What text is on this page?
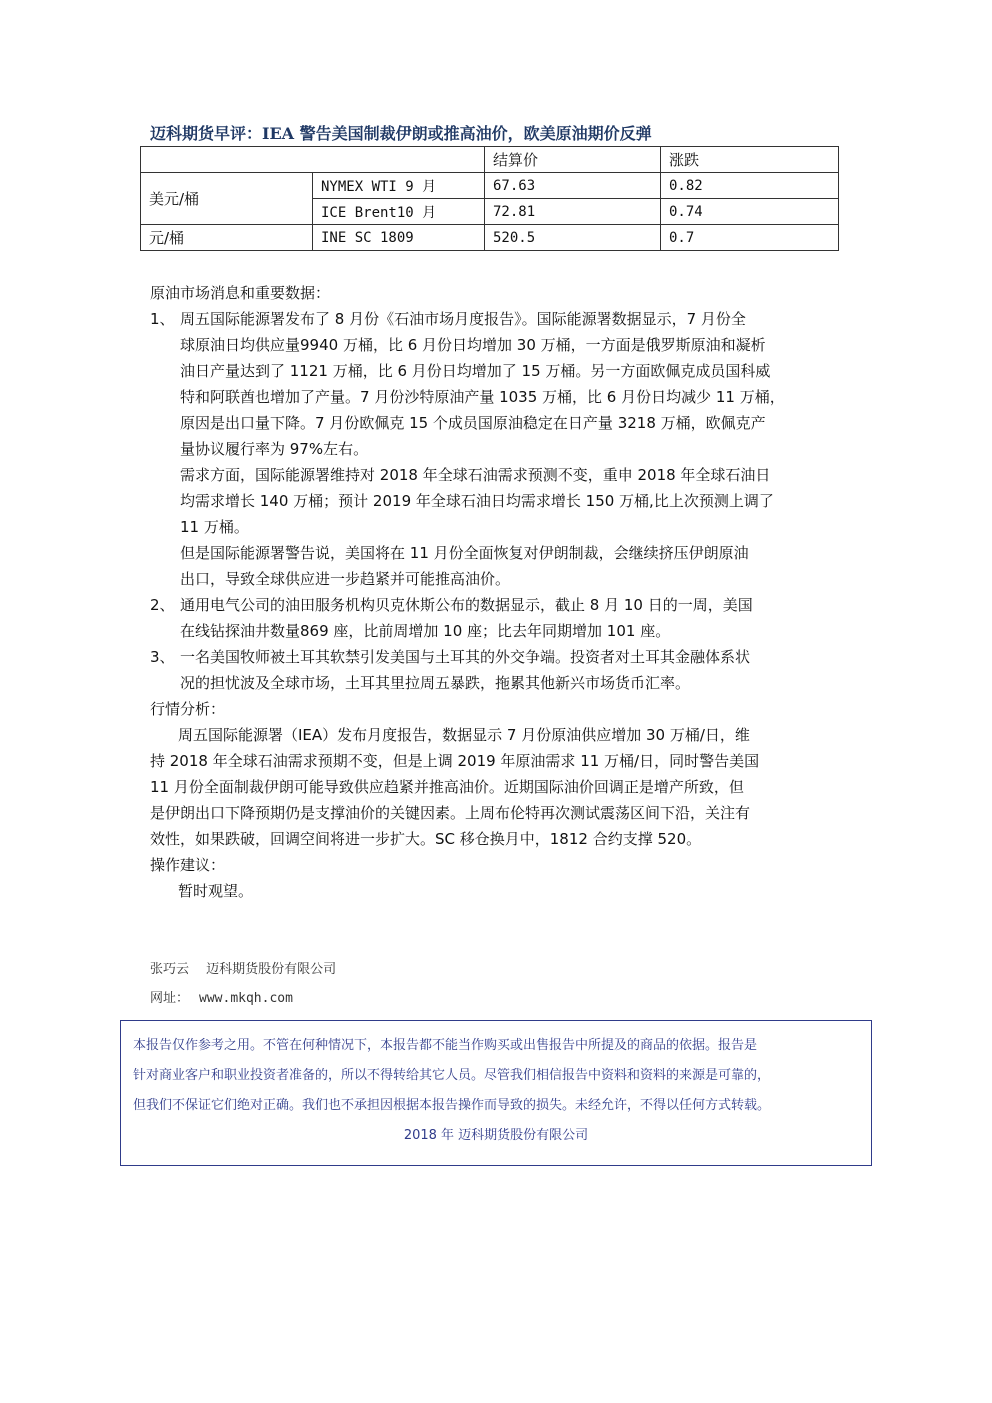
迈科期货早评：IEA 警告美国制裁伊朗或推高油价，欧美原油期价反弹
		结算价	涨跌
美元/桶	NYMEX WTI 9 月	67.63	0.82
	ICE Brent10 月	72.81	0.74
元/桶	INE SC 1809	520.5	0.7
原油市场消息和重要数据：
1、 周五国际能源署发布了 8 月份《石油市场月度报告》。国际能源署数据显示，7 月份全
球原油日均供应量9940 万桶，比 6 月份日均增加 30 万桶，一方面是俄罗斯原油和凝析
油日产量达到了 1121 万桶，比 6 月份日均增加了 15 万桶。另一方面欧佩克成员国科威
特和阿联酋也增加了产量。7 月份沙特原油产量 1035 万桶，比 6 月份日均减少 11 万桶，
原因是出口量下降。7 月份欧佩克 15 个成员国原油稳定在日产量 3218 万桶，欧佩克产
量协议履行率为 97%左右。
需求方面，国际能源署维持对 2018 年全球石油需求预测不变，重申 2018 年全球石油日
均需求增长 140 万桶；预计 2019 年全球石油日均需求增长 150 万桶,比上次预测上调了
11 万桶。
但是国际能源署警告说，美国将在 11 月份全面恢复对伊朗制裁，会继续挤压伊朗原油
出口，导致全球供应进一步趋紧并可能推高油价。
2、 通用电气公司的油田服务机构贝克休斯公布的数据显示，截止 8 月 10 日的一周，美国
在线钻探油井数量869 座，比前周增加 10 座；比去年同期增加 101 座。
3、 一名美国牧师被土耳其软禁引发美国与土耳其的外交争端。投资者对土耳其金融体系状
况的担忧波及全球市场，土耳其里拉周五暴跌，拖累其他新兴市场货币汇率。
行情分析：
周五国际能源署（IEA）发布月度报告，数据显示 7 月份原油供应增加 30 万桶/日，维
持 2018 年全球石油需求预期不变，但是上调 2019 年原油需求 11 万桶/日，同时警告美国
11 月份全面制裁伊朗可能导致供应趋紧并推高油价。近期国际油价回调正是增产所致，但
是伊朗出口下降预期仍是支撑油价的关键因素。上周布伦特再次测试震荡区间下沿，关注有
效性，如果跌破，回调空间将进一步扩大。SC 移仓换月中，1812 合约支撑 520。
操作建议：
暂时观望。
张巧云　 迈科期货股份有限公司
网址： www.mkqh.com
本报告仅作参考之用。不管在何种情况下，本报告都不能当作购买或出售报告中所提及的商品的依据。报告是
针对商业客户和职业投资者准备的，所以不得转给其它人员。尽管我们相信报告中资料和资料的来源是可靠的，
但我们不保证它们绝对正确。我们也不承担因根据本报告操作而导致的损失。未经允许，不得以任何方式转载。
2018 年 迈科期货股份有限公司
